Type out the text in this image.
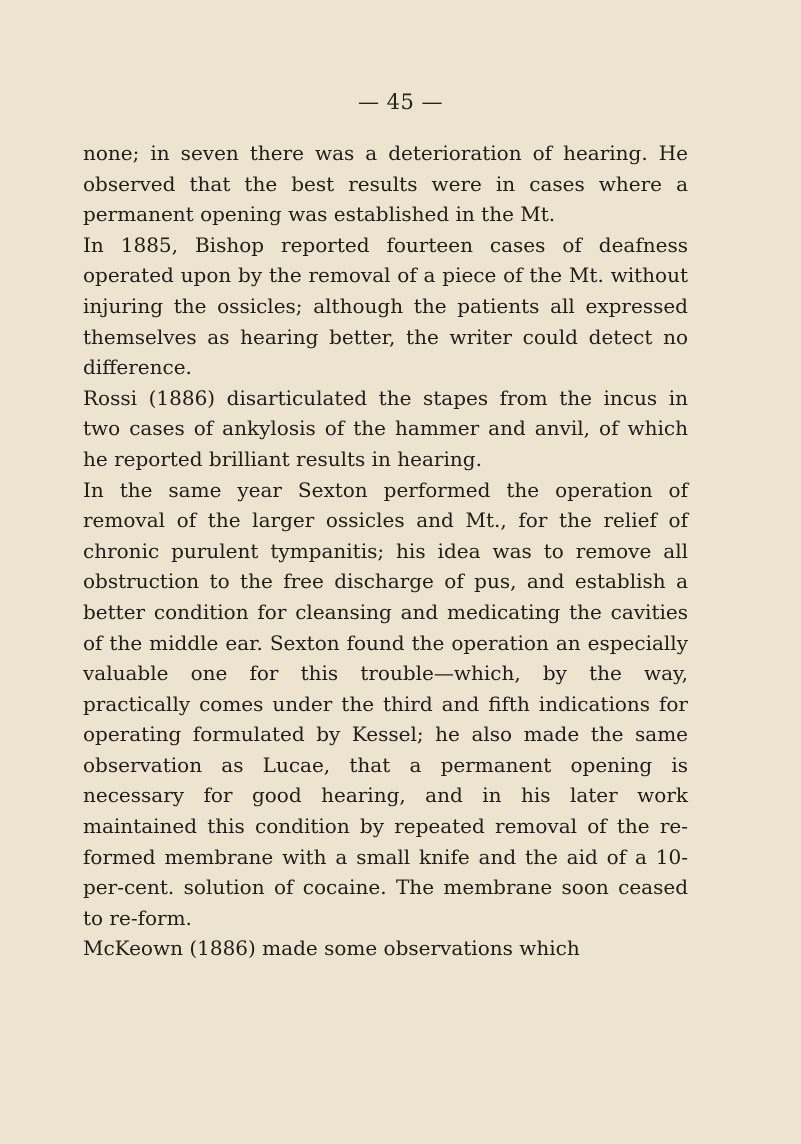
— 45 —

none; in seven there was a deterioration of hearing. He observed that the best results were in cases where a permanent opening was established in the Mt.

In 1885, Bishop reported fourteen cases of deafness operated upon by the removal of a piece of the Mt. without injuring the ossicles; although the patients all expressed themselves as hearing better, the writer could detect no difference.

Rossi (1886) disarticulated the stapes from the incus in two cases of ankylosis of the hammer and anvil, of which he reported brilliant results in hearing.

In the same year Sexton performed the operation of removal of the larger ossicles and Mt., for the relief of chronic purulent tympanitis; his idea was to remove all obstruction to the free discharge of pus, and establish a better condition for cleansing and medicating the cavities of the middle ear. Sexton found the operation an especially valuable one for this trouble—which, by the way, practically comes under the third and fifth indications for operating formulated by Kessel; he also made the same observation as Lucae, that a permanent opening is necessary for good hearing, and in his later work maintained this condition by repeated removal of the re-formed membrane with a small knife and the aid of a 10-per-cent. solution of cocaine. The membrane soon ceased to re-form.

McKeown (1886) made some observations which
